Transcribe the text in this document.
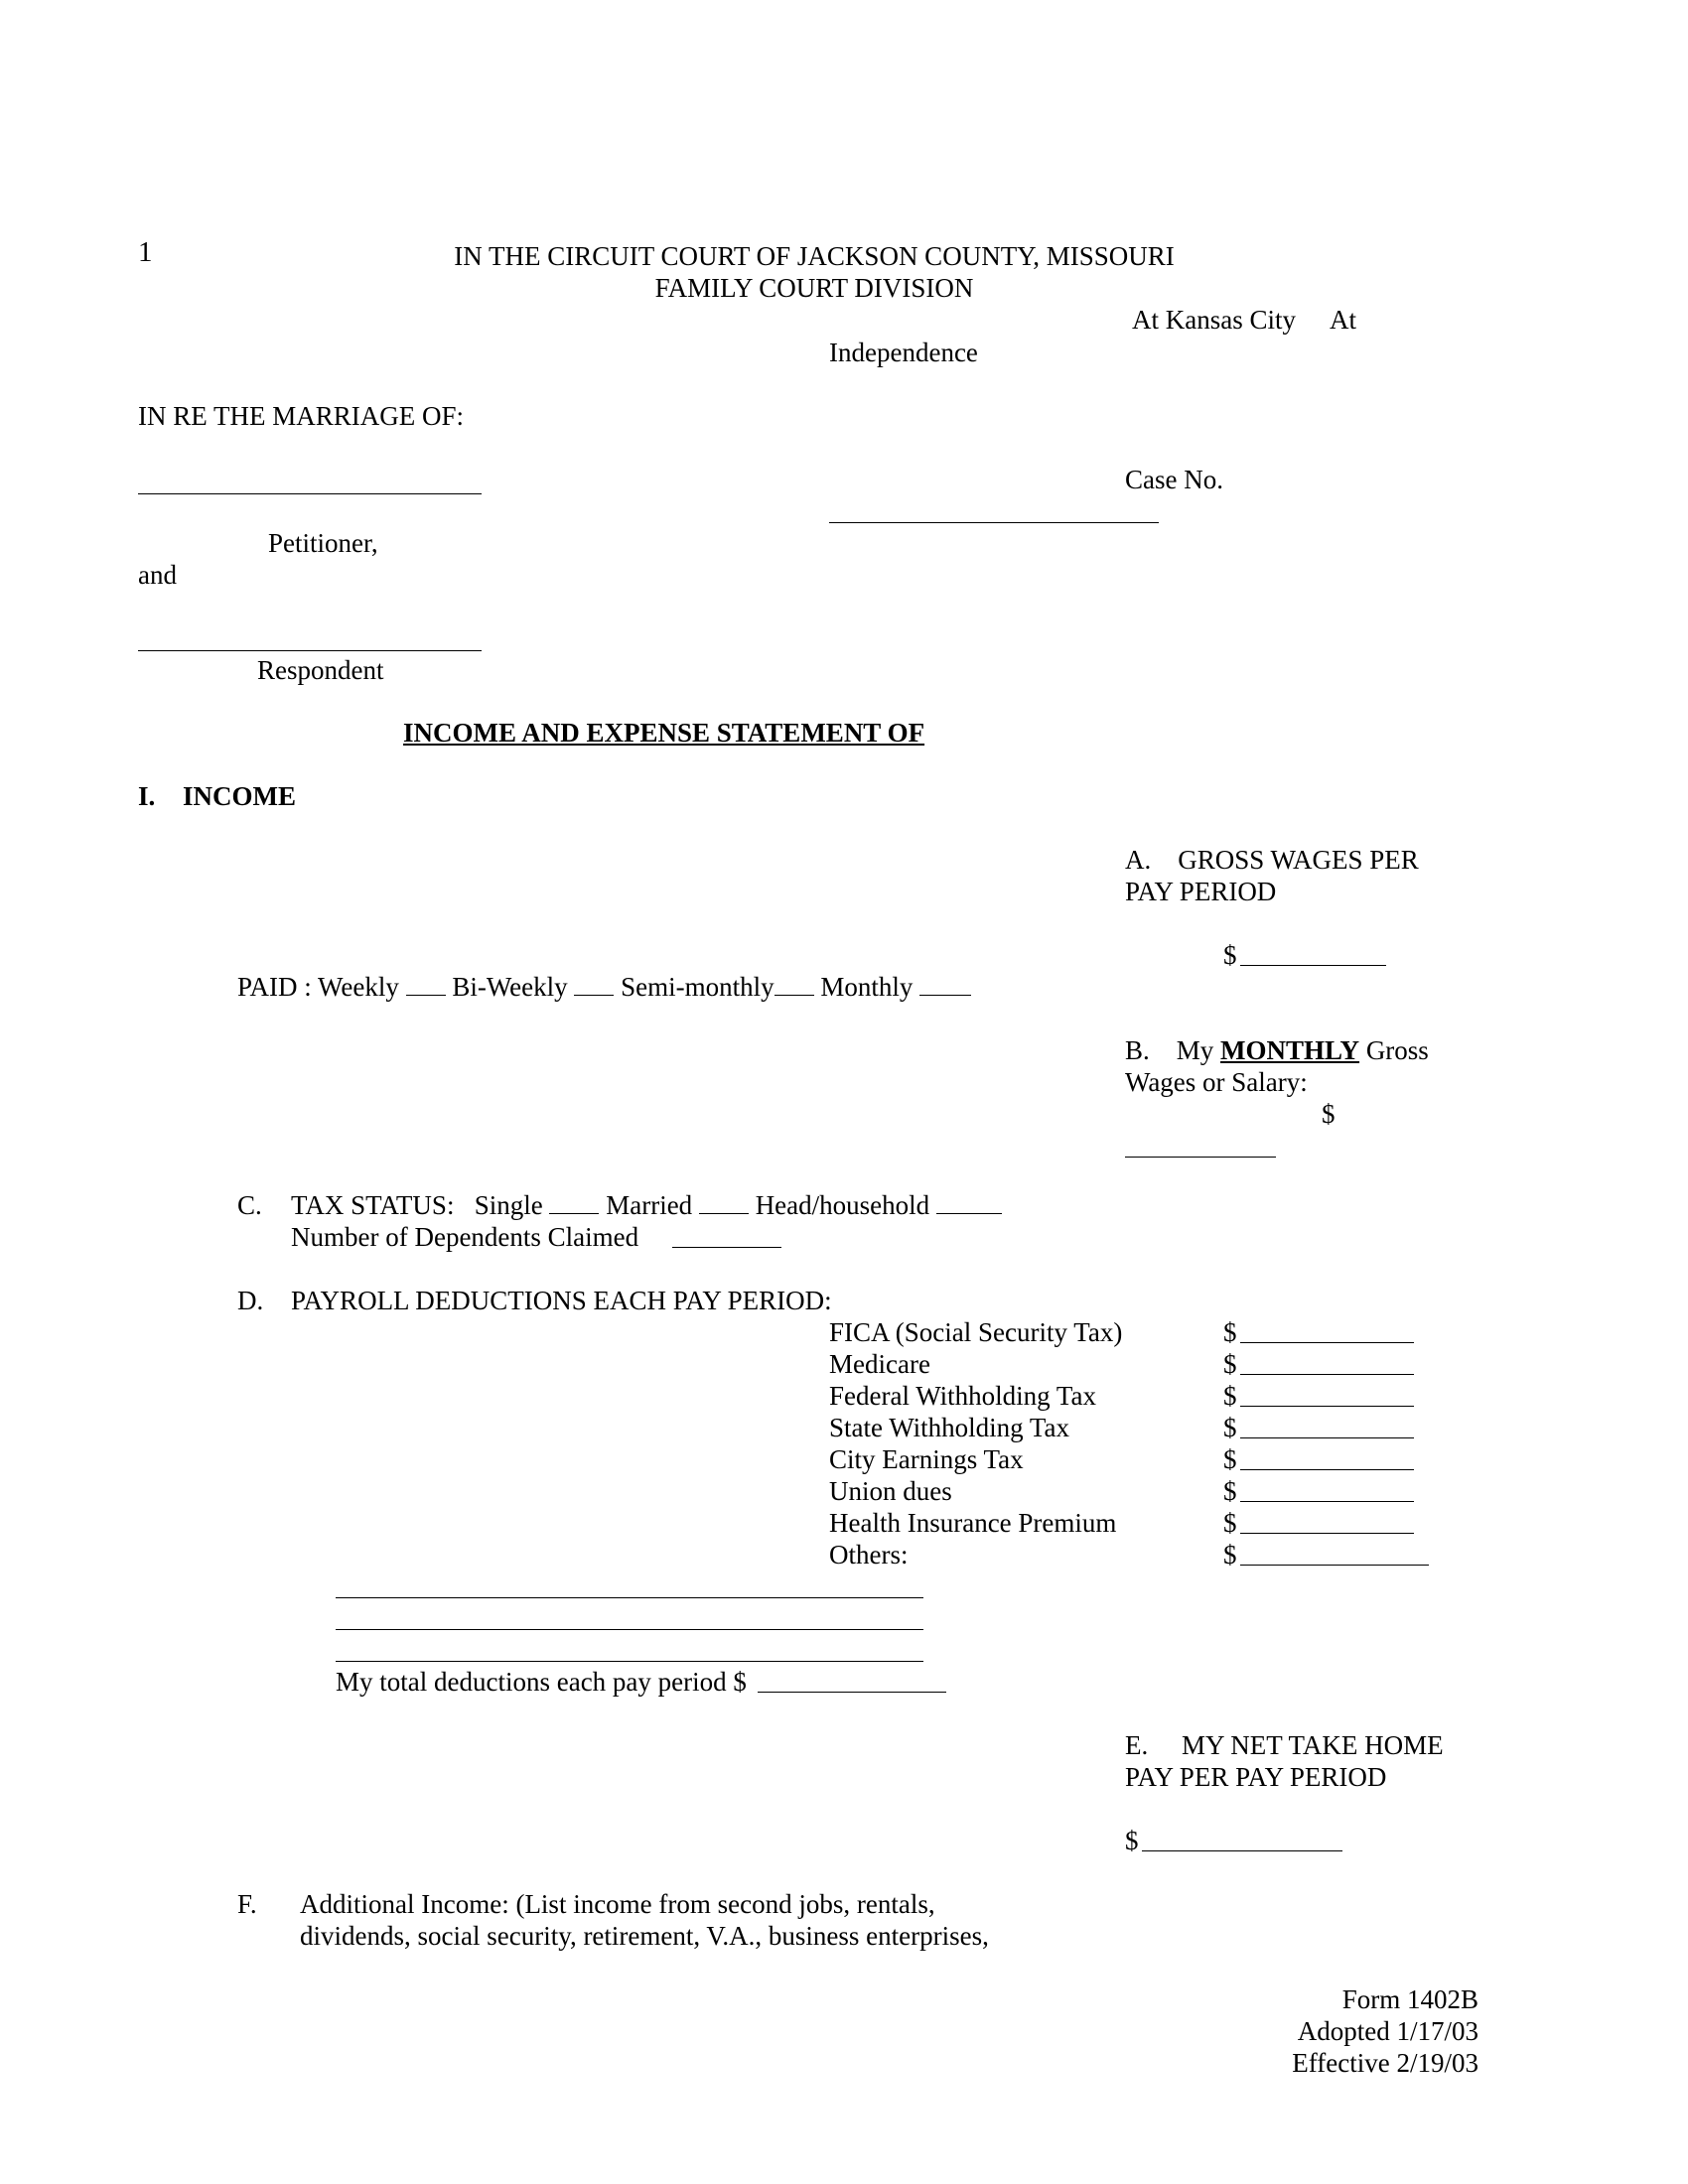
1	IN THE CIRCUIT COURT OF JACKSON COUNTY, MISSOURI
FAMILY COURT DIVISION
At Kansas City At
Independence
IN RE THE MARRIAGE OF:
Case No.
Petitioner,
and
Respondent
INCOME AND EXPENSE STATEMENT OF
I. INCOME
A.    GROSS WAGES PER
PAY PERIOD
$
PAID : Weekly Bi-Weekly Semi-monthly Monthly
B.    My MONTHLY Gross
Wages or Salary:
$
C. TAX STATUS: Single Married Head/household
Number of Dependents Claimed
D. PAYROLL DEDUCTIONS EACH PAY PERIOD:
FICA (Social Security Tax)	$
Medicare	$
Federal Withholding Tax	$
State Withholding Tax	$
City Earnings Tax	$
Union dues	$
Health Insurance Premium	$
Others:	$
My total deductions each pay period $
E.     MY NET TAKE HOME
PAY PER PAY PERIOD
$
F. Additional Income: (List income from second jobs, rentals,
dividends, social security, retirement, V.A., business enterprises,
Form 1402B
Adopted 1/17/03
Effective 2/19/03
